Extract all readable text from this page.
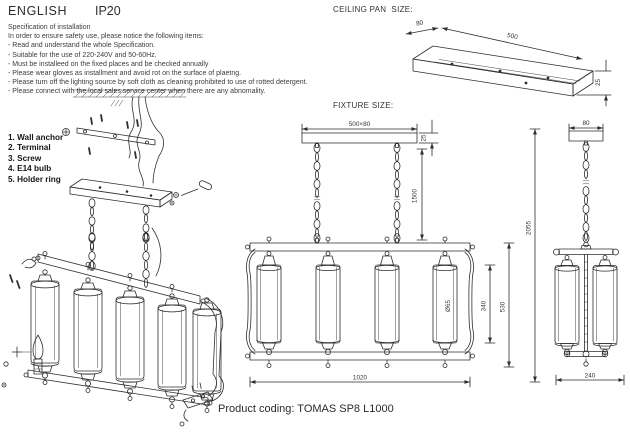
ENGLISH IP20
Specification of installation
In order to ensure safety use, please notice the following items:
- Read and understand the whole Specification.
- Suitable for the use of 220-240V and 50-60Hz.
- Must be installeed on the fixed places and be checked annually
- Please wear gloves as installment and avoid rot on the surface of plaetng.
- Please turn off the lighting source by soft cloth as cleaning prohibited to use of rotted detergent.
- Please connect with the local sales service center when there are any abnomality.
1. Wall anchor
2. Terminal
3. Screw
4. E14 bulb
5. Holder ring
CEILING PAN  SIZE:
FIXTURE SIZE:
80
500
25
500×80
25
1500
Ø65	340 530
2055
1020
80
240
Product coding: TOMAS SP8 L1000
